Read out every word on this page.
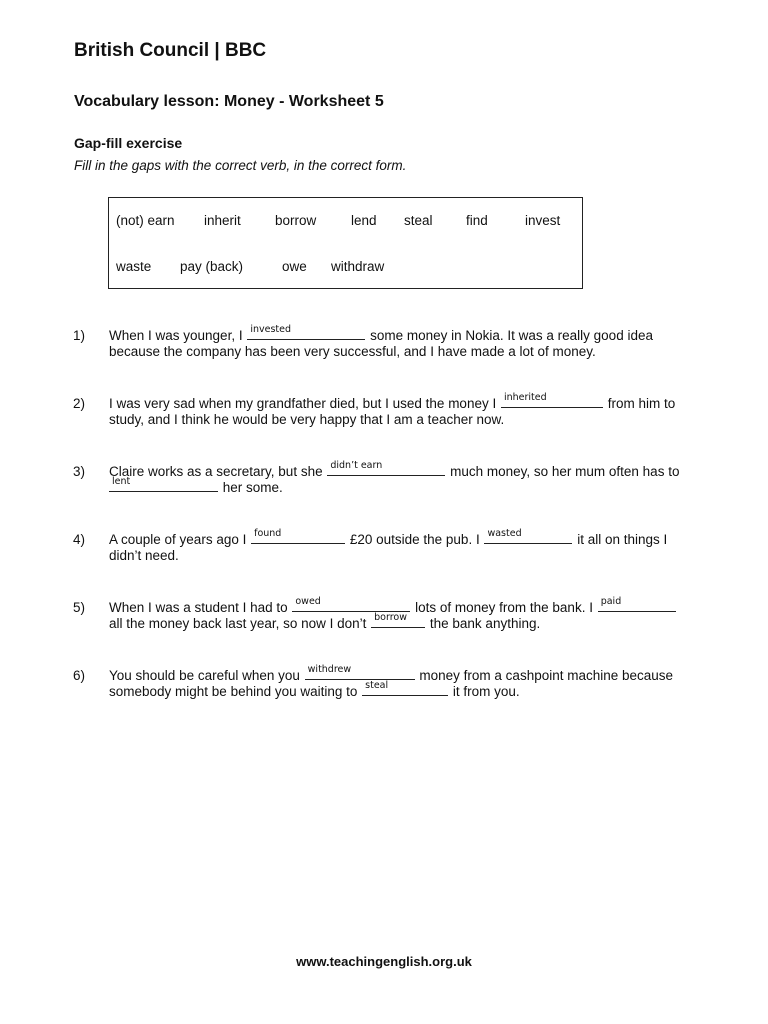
British Council | BBC
Vocabulary lesson: Money - Worksheet 5
Gap-fill exercise
Fill in the gaps with the correct verb, in the correct form.
(not) earn inherit	borrow	lend steal find	invest
waste pay (back)	owe withdraw
1) When I was younger, I invested	some money in Nokia. It was a really good idea
because the company has been very successful, and I have made a lot of money.
2) I was very sad when my grandfather died, but I used the money I inherited	from him to
study, and I think he would be very happy that I am a teacher now.
3) Claire works as a secretary, but she didn’t earn	much money, so her mum often has to
lent	her some.
4) A couple of years ago I found	£20 outside the pub. I wasted	it all on things I
didn’t need.
5) When I was a student I had to owed	lots of money from the bank. I paid
all the money back last year, so now I don’t borrow the bank anything.
6) You should be careful when you withdrew	money from a cashpoint machine because
somebody might be behind you waiting to steal	it from you.
www.teachingenglish.org.uk
